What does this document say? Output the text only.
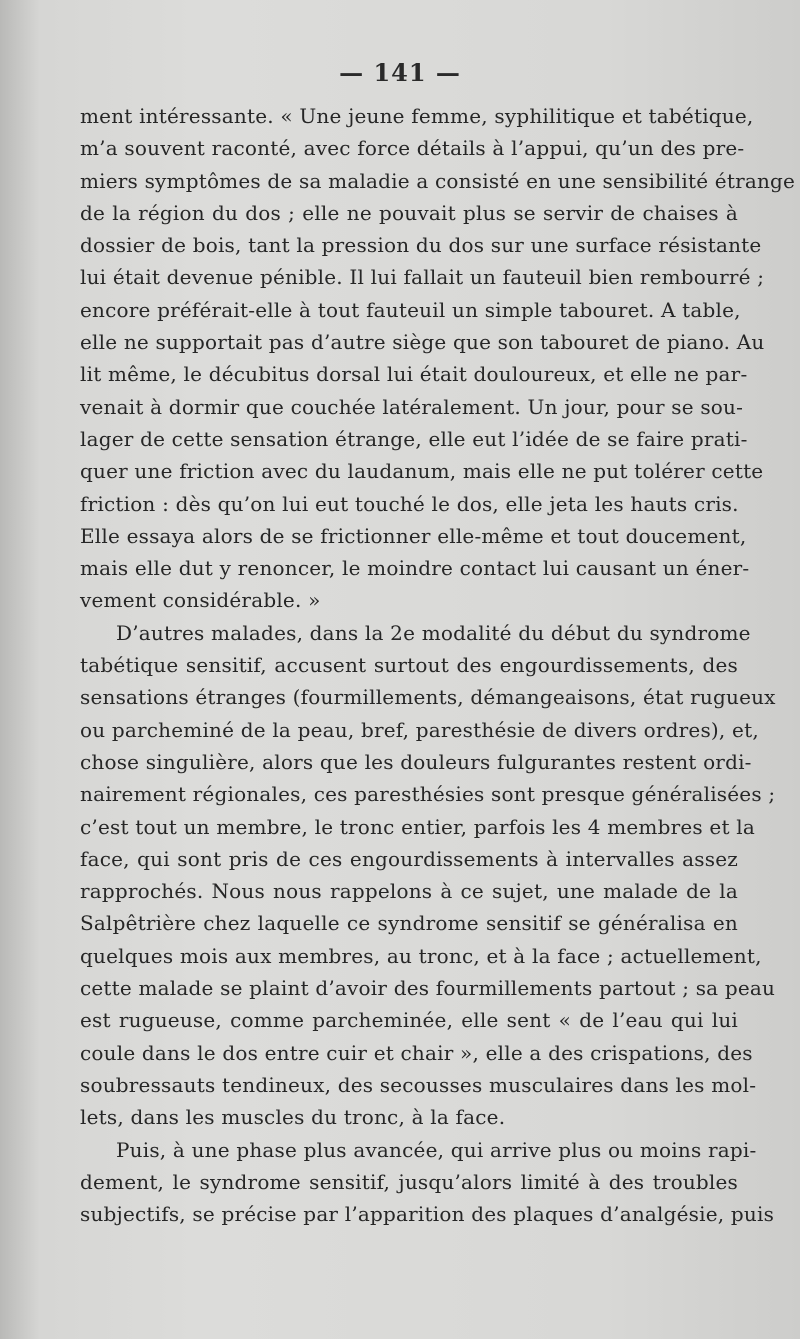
— 141 —
ment intéressante. « Une jeune femme, syphilitique et tabétique,
m’a souvent raconté, avec force détails à l’appui, qu’un des pre-
miers symptômes de sa maladie a consisté en une sensibilité étrange
de la région du dos ; elle ne pouvait plus se servir de chaises à
dossier de bois, tant la pression du dos sur une surface résistante
lui était devenue pénible. Il lui fallait un fauteuil bien rembourré ;
encore préférait-elle à tout fauteuil un simple tabouret. A table,
elle ne supportait pas d’autre siège que son tabouret de piano. Au
lit même, le décubitus dorsal lui était douloureux, et elle ne par-
venait à dormir que couchée latéralement. Un jour, pour se sou-
lager de cette sensation étrange, elle eut l’idée de se faire prati-
quer une friction avec du laudanum, mais elle ne put tolérer cette
friction : dès qu’on lui eut touché le dos, elle jeta les hauts cris.
Elle essaya alors de se frictionner elle-même et tout doucement,
mais elle dut y renoncer, le moindre contact lui causant un éner-
vement considérable. »
D’autres malades, dans la 2e modalité du début du syndrome
tabétique sensitif, accusent surtout des engourdissements, des
sensations étranges (fourmillements, démangeaisons, état rugueux
ou parcheminé de la peau, bref, paresthésie de divers ordres), et,
chose singulière, alors que les douleurs fulgurantes restent ordi-
nairement régionales, ces paresthésies sont presque généralisées ;
c’est tout un membre, le tronc entier, parfois les 4 membres et la
face, qui sont pris de ces engourdissements à intervalles assez
rapprochés. Nous nous rappelons à ce sujet, une malade de la
Salpêtrière chez laquelle ce syndrome sensitif se généralisa en
quelques mois aux membres, au tronc, et à la face ; actuellement,
cette malade se plaint d’avoir des fourmillements partout ; sa peau
est rugueuse, comme parcheminée, elle sent « de l’eau qui lui
coule dans le dos entre cuir et chair », elle a des crispations, des
soubressauts tendineux, des secousses musculaires dans les mol-
lets, dans les muscles du tronc, à la face.
Puis, à une phase plus avancée, qui arrive plus ou moins rapi-
dement, le syndrome sensitif, jusqu’alors limité à des troubles
subjectifs, se précise par l’apparition des plaques d’analgésie, puis
